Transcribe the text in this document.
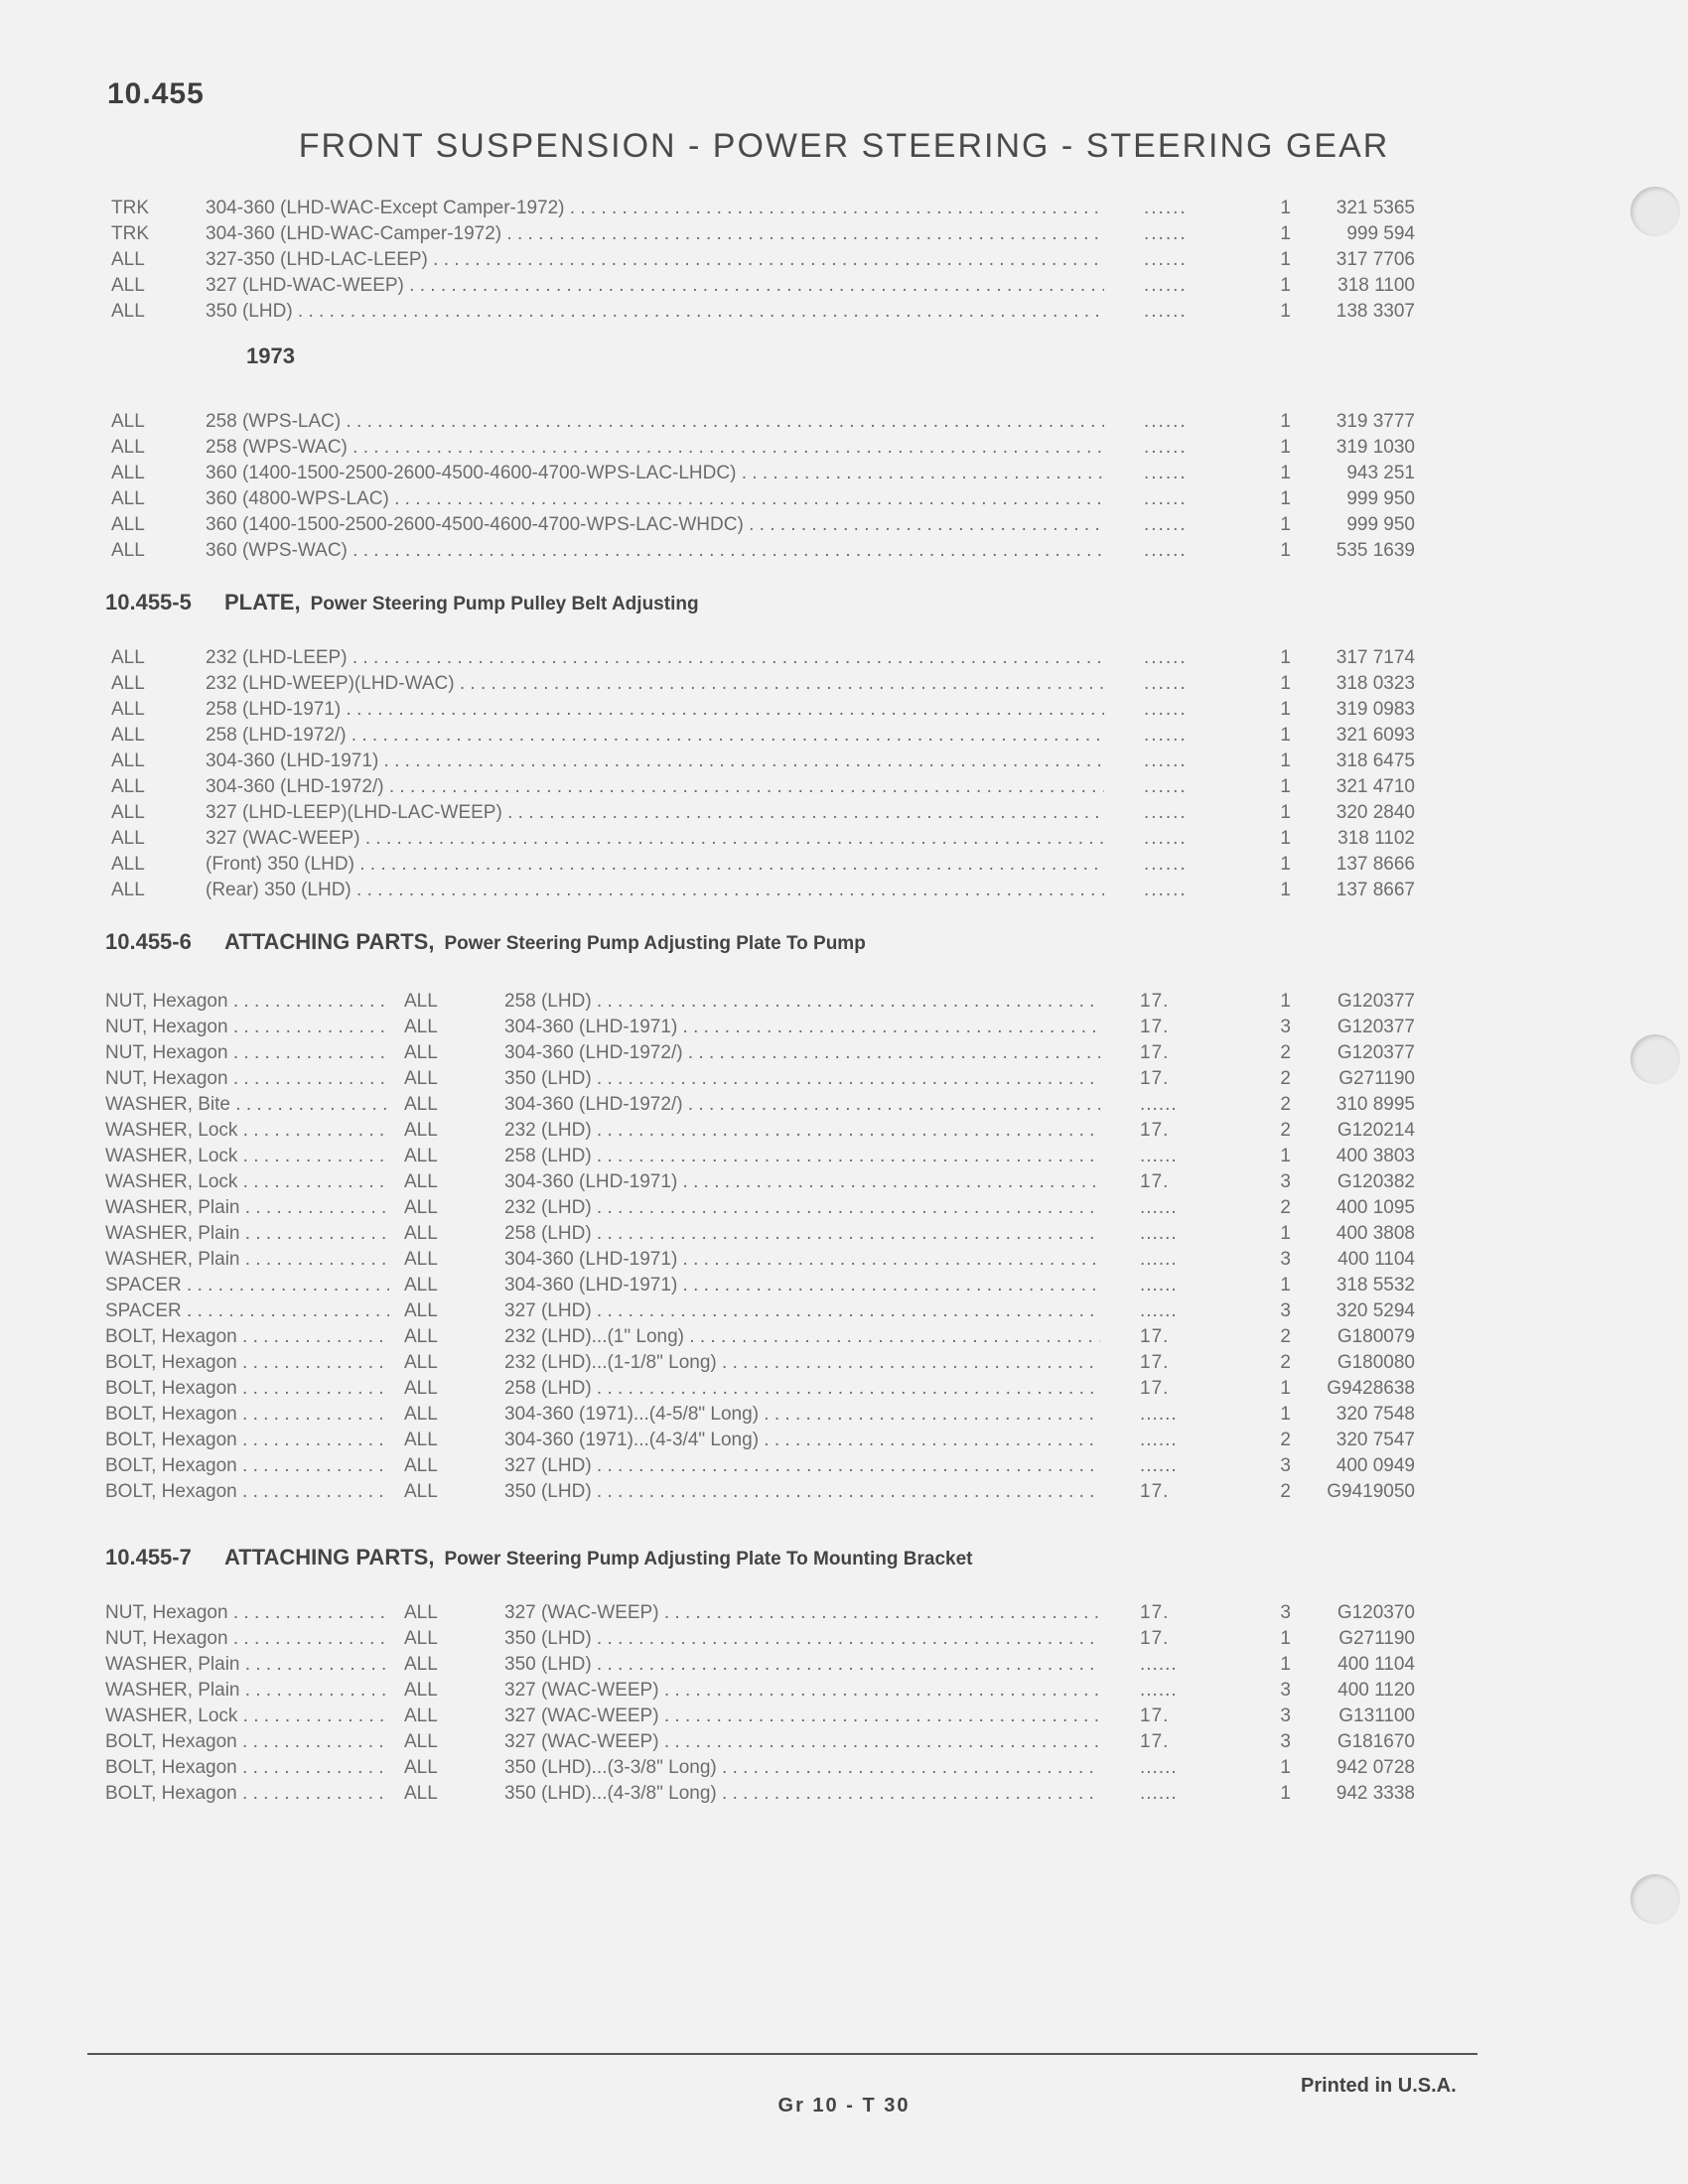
10.455
FRONT SUSPENSION - POWER STEERING - STEERING GEAR
TRK	304-360 (LHD-WAC-Except Camper-1972) . . .	......	1	321 5365
TRK	304-360 (LHD-WAC-Camper-1972) . . .	......	1	999 594
ALL	327-350 (LHD-LAC-LEEP) . . .	......	1	317 7706
ALL	327 (LHD-WAC-WEEP) . . .	......	1	318 1100
ALL	350 (LHD) . . .	......	1	138 3307
1973
ALL	258 (WPS-LAC) . . .	......	1	319 3777
ALL	258 (WPS-WAC) . . .	......	1	319 1030
ALL	360 (1400-1500-2500-2600-4500-4600-4700-WPS-LAC-LHDC) . . .	......	1	943 251
ALL	360 (4800-WPS-LAC) . . .	......	1	999 950
ALL	360 (1400-1500-2500-2600-4500-4600-4700-WPS-LAC-WHDC) . . .	......	1	999 950
ALL	360 (WPS-WAC) . . .	......	1	535 1639
10.455-5 PLATE, Power Steering Pump Pulley Belt Adjusting
ALL	232 (LHD-LEEP) . . .	......	1	317 7174
ALL	232 (LHD-WEEP)(LHD-WAC) . . .	......	1	318 0323
ALL	258 (LHD-1971) . . .	......	1	319 0983
ALL	258 (LHD-1972/) . . .	......	1	321 6093
ALL	304-360 (LHD-1971) . . .	......	1	318 6475
ALL	304-360 (LHD-1972/) . . .	......	1	321 4710
ALL	327 (LHD-LEEP)(LHD-LAC-WEEP) . . .	......	1	320 2840
ALL	327 (WAC-WEEP) . . .	......	1	318 1102
ALL	(Front) 350 (LHD) . . .	......	1	137 8666
ALL	(Rear) 350 (LHD) . . .	......	1	137 8667
10.455-6 ATTACHING PARTS, Power Steering Pump Adjusting Plate To Pump
NUT, Hexagon . . .	ALL	258 (LHD) . . .	17.	1	G120377
NUT, Hexagon . . .	ALL	304-360 (LHD-1971) . . .	17.	3	G120377
NUT, Hexagon . . .	ALL	304-360 (LHD-1972/) . . .	17.	2	G120377
NUT, Hexagon . . .	ALL	350 (LHD) . . .	17.	2	G271190
WASHER, Bite . . .	ALL	304-360 (LHD-1972/) . . .	......	2	310 8995
WASHER, Lock . . .	ALL	232 (LHD) . . .	17.	2	G120214
WASHER, Lock . . .	ALL	258 (LHD) . . .	......	1	400 3803
WASHER, Lock . . .	ALL	304-360 (LHD-1971) . . .	17.	3	G120382
WASHER, Plain . . .	ALL	232 (LHD) . . .	......	2	400 1095
WASHER, Plain . . .	ALL	258 (LHD) . . .	......	1	400 3808
WASHER, Plain . . .	ALL	304-360 (LHD-1971) . . .	......	3	400 1104
SPACER . . .	ALL	304-360 (LHD-1971) . . .	......	1	318 5532
SPACER . . .	ALL	327 (LHD) . . .	......	3	320 5294
BOLT, Hexagon . . .	ALL	232 (LHD)...(1" Long) . . .	17.	2	G180079
BOLT, Hexagon . . .	ALL	232 (LHD)...(1-1/8" Long) . . .	17.	2	G180080
BOLT, Hexagon . . .	ALL	258 (LHD) . . .	17.	1	G9428638
BOLT, Hexagon . . .	ALL	304-360 (1971)...(4-5/8" Long) . . .	......	1	320 7548
BOLT, Hexagon . . .	ALL	304-360 (1971)...(4-3/4" Long) . . .	......	2	320 7547
BOLT, Hexagon . . .	ALL	327 (LHD) . . .	......	3	400 0949
BOLT, Hexagon . . .	ALL	350 (LHD) . . .	17.	2	G9419050
10.455-7 ATTACHING PARTS, Power Steering Pump Adjusting Plate To Mounting Bracket
NUT, Hexagon . . .	ALL	327 (WAC-WEEP) . . .	17.	3	G120370
NUT, Hexagon . . .	ALL	350 (LHD) . . .	17.	1	G271190
WASHER, Plain . . .	ALL	350 (LHD) . . .	......	1	400 1104
WASHER, Plain . . .	ALL	327 (WAC-WEEP) . . .	......	3	400 1120
WASHER, Lock . . .	ALL	327 (WAC-WEEP) . . .	17.	3	G131100
BOLT, Hexagon . . .	ALL	327 (WAC-WEEP) . . .	17.	3	G181670
BOLT, Hexagon . . .	ALL	350 (LHD)...(3-3/8" Long) . . .	......	1	942 0728
BOLT, Hexagon . . .	ALL	350 (LHD)...(4-3/8" Long) . . .	......	1	942 3338
Printed in U.S.A.
Gr 10 - T 30
